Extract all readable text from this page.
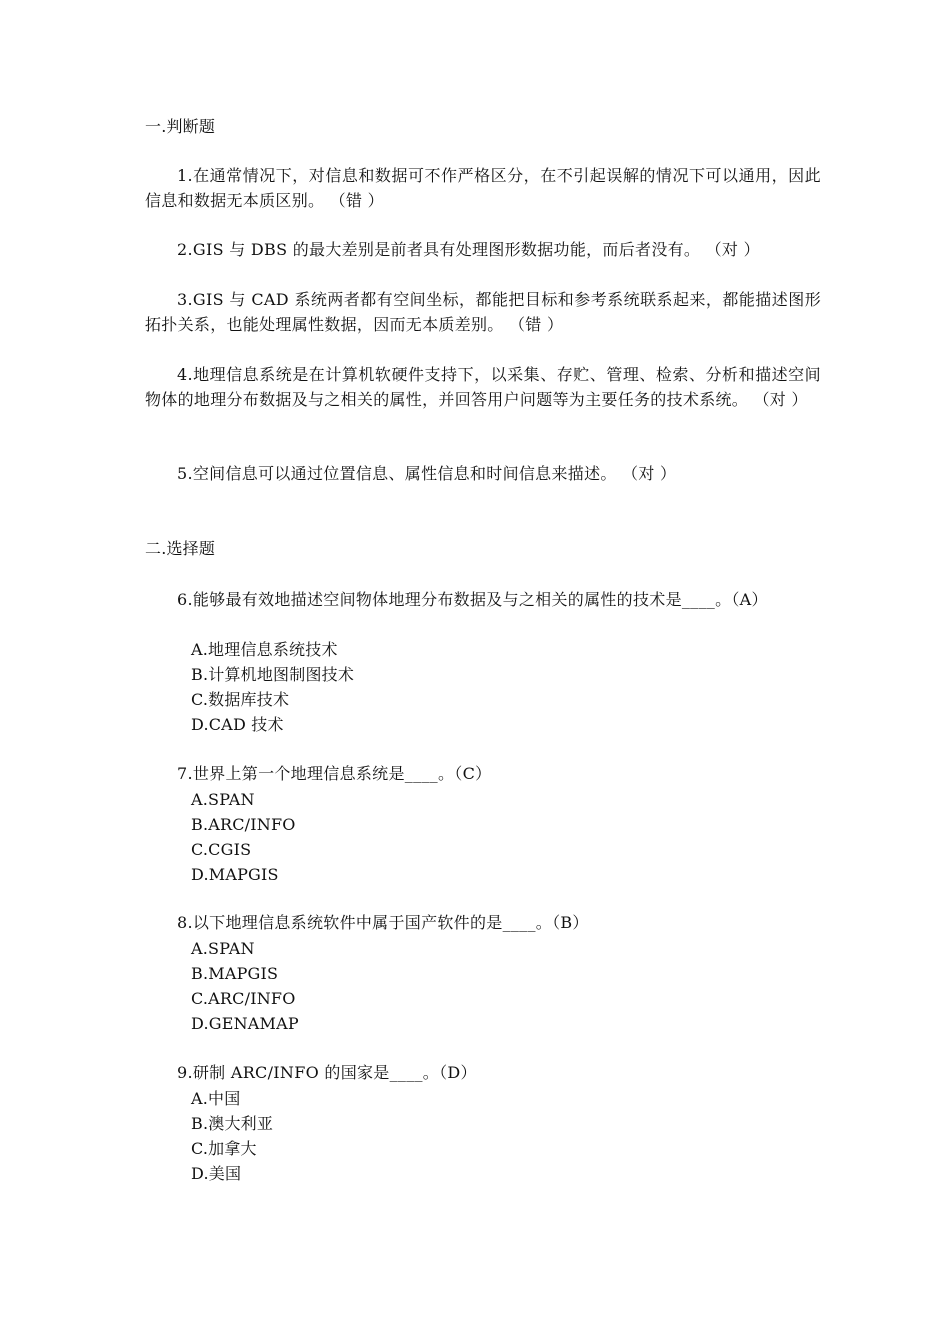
一.判断题
1.在通常情况下，对信息和数据可不作严格区分，在不引起误解的情况下可以通用，因此信息和数据无本质区别。 （错 ）
2.GIS 与 DBS 的最大差别是前者具有处理图形数据功能，而后者没有。 （对 ）
3.GIS 与 CAD 系统两者都有空间坐标，都能把目标和参考系统联系起来，都能描述图形拓扑关系，也能处理属性数据，因而无本质差别。 （错 ）
4.地理信息系统是在计算机软硬件支持下，以采集、存贮、管理、检索、分析和描述空间物体的地理分布数据及与之相关的属性，并回答用户问题等为主要任务的技术系统。 （对 ）
5.空间信息可以通过位置信息、属性信息和时间信息来描述。 （对 ）
二.选择题
6.能够最有效地描述空间物体地理分布数据及与之相关的属性的技术是____。（A）
A.地理信息系统技术
B.计算机地图制图技术
C.数据库技术
D.CAD 技术
7.世界上第一个地理信息系统是____。（C）
A.SPAN
B.ARC/INFO
C.CGIS
D.MAPGIS
8.以下地理信息系统软件中属于国产软件的是____。（B）
A.SPAN
B.MAPGIS
C.ARC/INFO
D.GENAMAP
9.研制 ARC/INFO 的国家是____。（D）
A.中国
B.澳大利亚
C.加拿大
D.美国
